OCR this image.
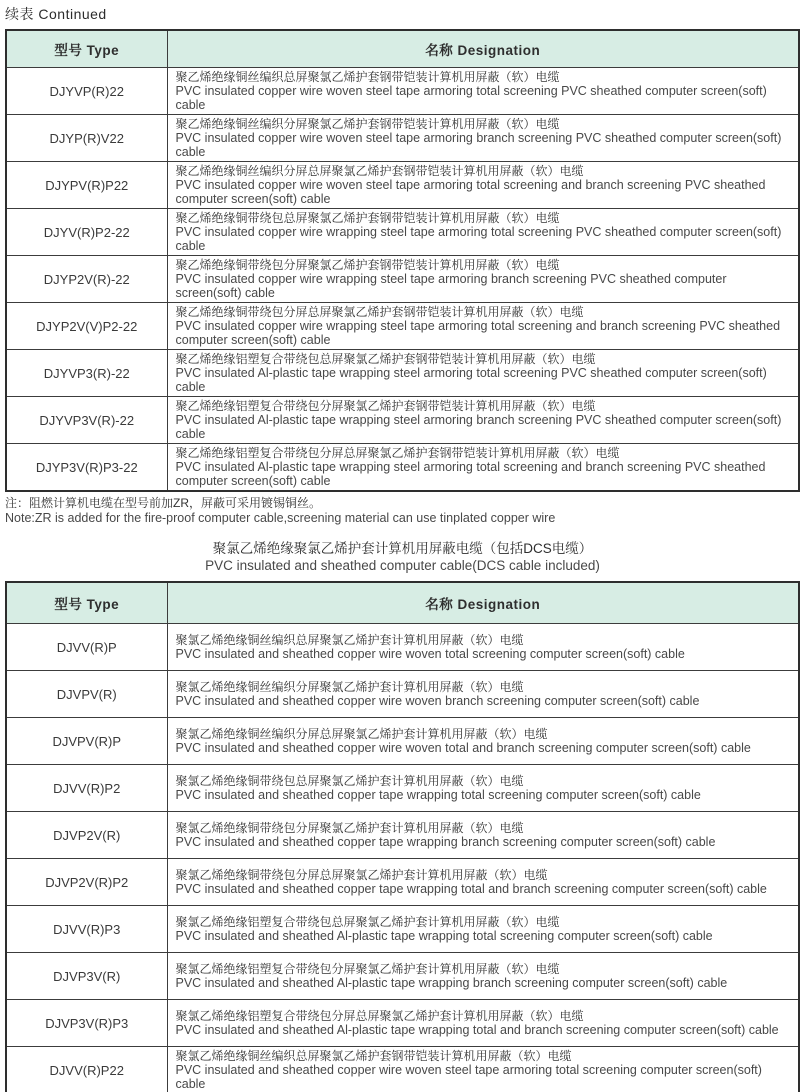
续表 Continued
型号 Type	名称 Designation
DJYVP(R)22	聚乙烯绝缘铜丝编织总屏聚氯乙烯护套钢带铠装计算机用屏蔽（软）电缆
PVC insulated copper wire woven steel tape armoring total screening PVC sheathed computer screen(soft) cable

DJYP(R)V22	聚乙烯绝缘铜丝编织分屏聚氯乙烯护套钢带铠装计算机用屏蔽（软）电缆
PVC insulated copper wire woven steel tape armoring branch screening PVC sheathed computer screen(soft) cable

DJYPV(R)P22	聚乙烯绝缘铜丝编织分屏总屏聚氯乙烯护套钢带铠装计算机用屏蔽（软）电缆
PVC insulated copper wire woven steel tape armoring total screening and branch screening PVC sheathed computer screen(soft) cable

DJYV(R)P2-22	聚乙烯绝缘铜带绕包总屏聚氯乙烯护套钢带铠装计算机用屏蔽（软）电缆
PVC insulated copper wire wrapping steel tape armoring total screening PVC sheathed computer screen(soft) cable

DJYP2V(R)-22	聚乙烯绝缘铜带绕包分屏聚氯乙烯护套钢带铠装计算机用屏蔽（软）电缆
PVC insulated copper wire wrapping steel tape armoring branch screening PVC sheathed computer screen(soft) cable

DJYP2V(V)P2-22	聚乙烯绝缘铜带绕包分屏总屏聚氯乙烯护套钢带铠装计算机用屏蔽（软）电缆
PVC insulated copper wire wrapping steel tape armoring total screening and branch screening PVC sheathed computer screen(soft) cable

DJYVP3(R)-22	聚乙烯绝缘铝塑复合带绕包总屏聚氯乙烯护套钢带铠装计算机用屏蔽（软）电缆
PVC insulated Al-plastic tape wrapping steel armoring total screening PVC sheathed computer screen(soft) cable

DJYVP3V(R)-22	聚乙烯绝缘铝塑复合带绕包分屏聚氯乙烯护套钢带铠装计算机用屏蔽（软）电缆
PVC insulated Al-plastic tape wrapping steel armoring branch screening PVC sheathed computer screen(soft) cable

DJYP3V(R)P3-22	聚乙烯绝缘铝塑复合带绕包分屏总屏聚氯乙烯护套钢带铠装计算机用屏蔽（软）电缆
PVC insulated Al-plastic tape wrapping steel armoring total screening and branch screening PVC sheathed computer screen(soft) cable
注：阻燃计算机电缆在型号前加ZR，屏蔽可采用镀锡铜丝。
Note:ZR is added for the fire-proof computer cable,screening material can use tinplated copper wire
聚氯乙烯绝缘聚氯乙烯护套计算机用屏蔽电缆（包括DCS电缆）
PVC insulated and sheathed computer cable(DCS cable included)
型号 Type	名称 Designation
DJVV(R)P	聚氯乙烯绝缘铜丝编织总屏聚氯乙烯护套计算机用屏蔽（软）电缆
PVC insulated and sheathed copper wire woven total screening computer screen(soft) cable

DJVPV(R)	聚氯乙烯绝缘铜丝编织分屏聚氯乙烯护套计算机用屏蔽（软）电缆
PVC insulated and sheathed copper wire woven branch screening computer screen(soft) cable

DJVPV(R)P	聚氯乙烯绝缘铜丝编织分屏总屏聚氯乙烯护套计算机用屏蔽（软）电缆
PVC insulated and sheathed copper wire woven total and branch screening computer screen(soft) cable

DJVV(R)P2	聚氯乙烯绝缘铜带绕包总屏聚氯乙烯护套计算机用屏蔽（软）电缆
PVC insulated and sheathed copper tape wrapping total screening computer screen(soft) cable

DJVP2V(R)	聚氯乙烯绝缘铜带绕包分屏聚氯乙烯护套计算机用屏蔽（软）电缆
PVC insulated and sheathed copper tape wrapping branch screening computer screen(soft) cable

DJVP2V(R)P2	聚氯乙烯绝缘铜带绕包分屏总屏聚氯乙烯护套计算机用屏蔽（软）电缆
PVC insulated and sheathed copper tape wrapping total and branch screening computer screen(soft) cable

DJVV(R)P3	聚氯乙烯绝缘铝塑复合带绕包总屏聚氯乙烯护套计算机用屏蔽（软）电缆
PVC insulated and sheathed Al-plastic tape wrapping total screening computer screen(soft) cable

DJVP3V(R)	聚氯乙烯绝缘铝塑复合带绕包分屏聚氯乙烯护套计算机用屏蔽（软）电缆
PVC insulated and sheathed Al-plastic tape wrapping branch screening computer screen(soft) cable

DJVP3V(R)P3	聚氯乙烯绝缘铝塑复合带绕包分屏总屏聚氯乙烯护套计算机用屏蔽（软）电缆
PVC insulated and sheathed Al-plastic tape wrapping total and branch screening computer screen(soft) cable

DJVV(R)P22	聚氯乙烯绝缘铜丝编织总屏聚氯乙烯护套钢带铠装计算机用屏蔽（软）电缆
PVC insulated and sheathed copper wire woven steel tape armoring total screening computer screen(soft) cable
